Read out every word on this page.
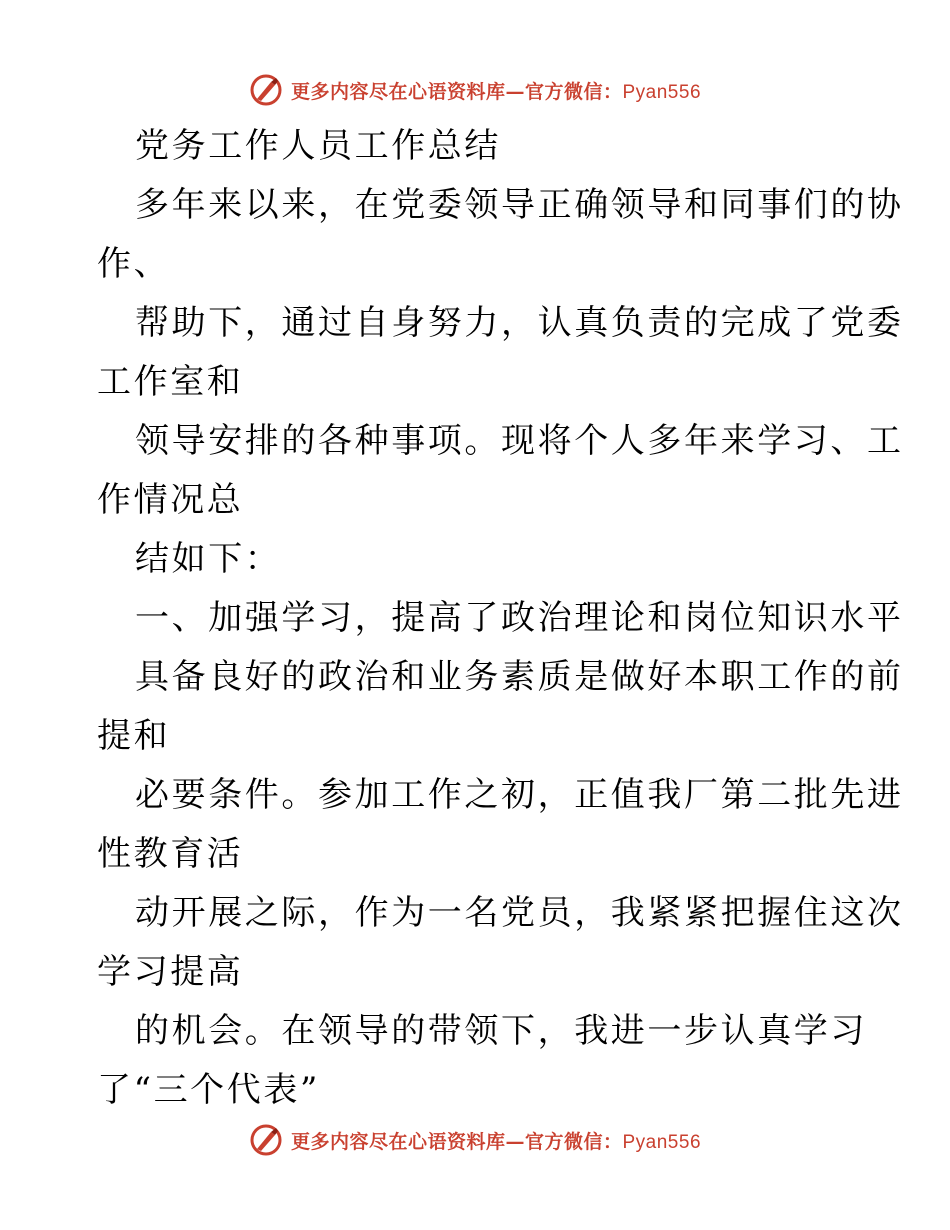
更多内容尽在心语资料库—官方微信：Pyan556
党务工作人员工作总结
多年来以来，在党委领导正确领导和同事们的协
作、
帮助下，通过自身努力，认真负责的完成了党委
工作室和
领导安排的各种事项。现将个人多年来学习、工
作情况总
结如下：
一、加强学习，提高了政治理论和岗位知识水平
具备良好的政治和业务素质是做好本职工作的前
提和
必要条件。参加工作之初，正值我厂第二批先进
性教育活
动开展之际，作为一名党员，我紧紧把握住这次
学习提高
的机会。在领导的带领下，我进一步认真学习
了“三个代表”
更多内容尽在心语资料库—官方微信：Pyan556
